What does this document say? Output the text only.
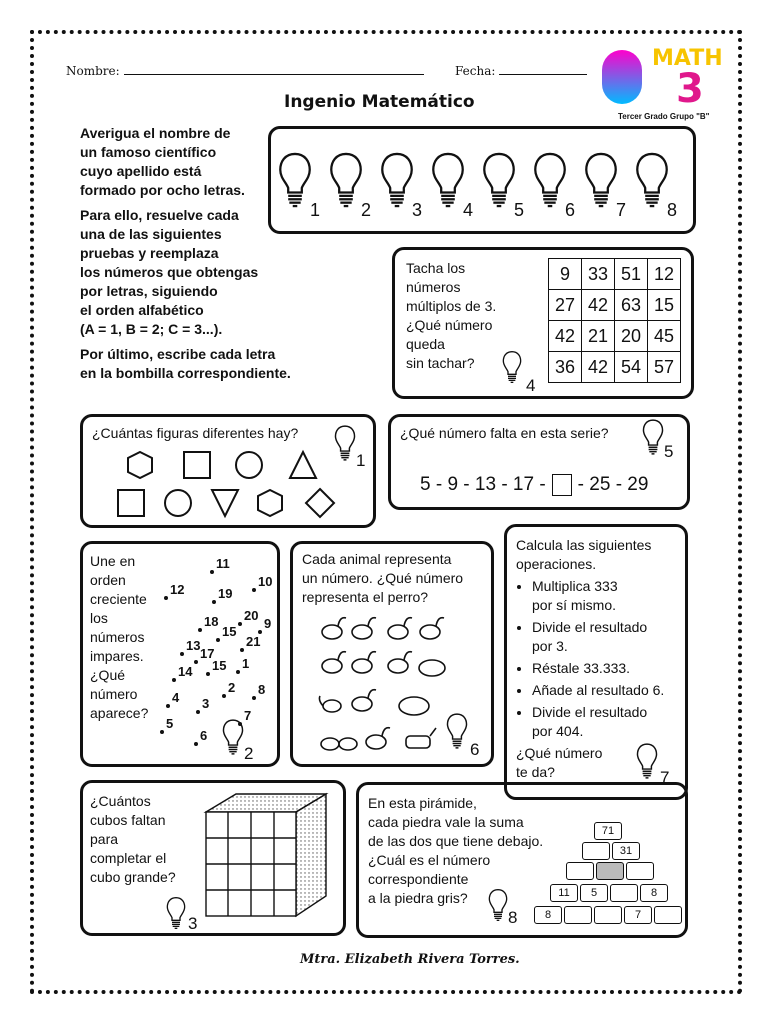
Nombre:	Fecha:
Ingenio Matemático
MATH
3
Tercer Grado Grupo "B"
Averigua el nombre de
un famoso científico
cuyo apellido está
formado por ocho letras.
Para ello, resuelve cada
una de las siguientes
pruebas y reemplaza
los números que obtengas
por letras, siguiendo
el orden alfabético
(A = 1, B = 2; C = 3...).
Por último, escribe cada letra
en la bombilla correspondiente.
1 2 3 4 5 6 7 8
Tacha los
números
múltiplos de 3.
¿Qué número
queda
sin tachar?
4
9	33	51	12
27	42	63	15
42	21	20	45
36	42	54	57
¿Cuántas figuras diferentes hay?
1
¿Qué número falta en esta serie?
5
5 - 9 - 13 - 17 - - 25 - 29
Une en
orden
creciente
los
números
impares.
¿Qué
número
aparece?
11
12	19
10
18 20
9
15
13
17
21
15 1
14
2 8
4 3
5
7
6
2
Cada animal representa
un número. ¿Qué número
representa el perro?
6
Calcula las siguientes
operaciones.
• Multiplica 333
por sí mismo.
• Divide el resultado
por 3.
• Réstale 33.333.
• Añade al resultado 6.
• Divide el resultado
por 404.
¿Qué número
te da?	7
¿Cuántos
cubos faltan
para
completar el
cubo grande?
3
En esta pirámide,
cada piedra vale la suma
de las dos que tiene debajo.
¿Cuál es el número
correspondiente
a la piedra gris?
8
71
31
11	5	8
8	7
Mtra. Elizabeth Rivera Torres.
